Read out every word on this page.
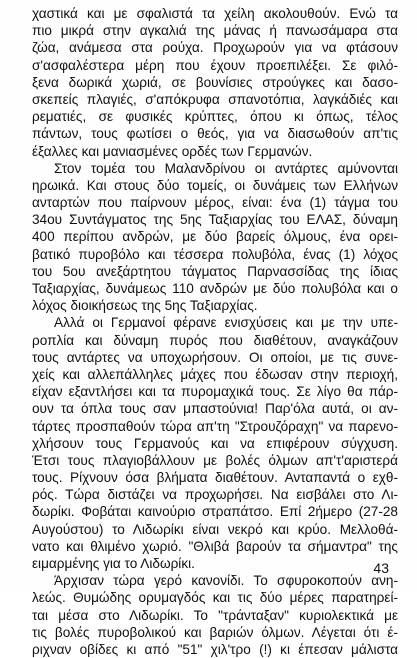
χαστικά και με σφαλιστά τα χείλη ακολουθούν. Ενώ τα
πιο μικρά στην αγκαλιά της μάνας ή πανωσάμαρα στα
ζώα, ανάμεσα στα ρούχα. Προχωρούν για να φτάσουν
σ'ασφαλέστερα μέρη που έχουν προεπιλέξει. Σε φιλό-
ξενα δωρικά χωριά, σε βουνίσιες στρούγκες και δασο-
σκεπείς πλαγιές, σ'απόκρυφα σπανοτόπια, λαγκάδιές και
ρεματιές, σε φυσικές κρύπτες, όπου κι όπως, τέλος
πάντων, τους φωτίσει ο θεός, για να διασωθούν απ'τις
έξαλλες και μανιασμένες ορδές των Γερμανών.
Στον τομέα του Μαλανδρίνου οι αντάρτες αμύνονται
ηρωικά. Και στους δύο τομείς, οι δυνάμεις των Ελλήνων
ανταρτών που παίρνουν μέρος, είναι: ένα (1) τάγμα του
34ου Συντάγματος της 5ης Ταξιαρχίας του ΕΛΑΣ, δύναμη
400 περίπου ανδρών, με δύο βαρείς όλμους, ένα ορει-
βατικό πυροβόλο και τέσσερα πολυβόλα, ένας (1) λόχος
του 5ου ανεξάρτητου τάγματος Παρνασσίδας της ίδιας
Ταξιαρχίας, δυνάμεως 110 ανδρών με δύο πολυβόλα και ο
λόχος διοικήσεως της 5ης Ταξιαρχίας.
Αλλά οι Γερμανοί φέρανε ενισχύσεις και με την υπε-
ροπλία και δύναμη πυρός που διαθέτουν, αναγκάζουν
τους αντάρτες να υποχωρήσουν. Οι οποίοι, με τις συνε-
χείς και αλλεπάλληλες μάχες που έδωσαν στην περιοχή,
είχαν εξαντλήσει και τα πυρομαχικά τους. Σε λίγο θα πάρ-
ουν τα όπλα τους σαν μπαστούνια! Παρ'όλα αυτά, οι αν-
τάρτες προσπαθούν τώρα απ'τη "Στρουζόραχη" να παρενο-
χλήσουν τους Γερμανούς και να επιφέρουν σύγχυση.
Έτσι τους πλαγιοβάλλουν με βολές όλμων απ'τ'αριστερά
τους. Ρίχνουν όσα βλήματα διαθέτουν. Ανταπαντά ο εχθ-
ρός. Τώρα διστάζει να προχωρήσει. Να εισβάλει στο Λι-
δωρίκι. Φοβάται καινούριο στραπάτσο. Επί 2ήμερο (27-28
Αυγούστου) το Λιδωρίκι είναι νεκρό και κρύο. Μελλοθά-
νατο και θλιμένο χωριό. "Θλιβά βαρούν τα σήμαντρα" της
ειμαρμένης για το Λιδωρίκι.
Άρχισαν τώρα γερό κανονίδι. Το σφυροκοπούν ανη-
λεώς. Θυμώδης ορυμαγδός και τις δύο μέρες παρατηρεί-
ται μέσα στο Λιδωρίκι. Το "τράνταξαν" κυριολεκτικά με
τις βολές πυροβολικού και βαριών όλμων. Λέγεται ότι έ-
ριχναν οβίδες κι από "51" χιλ'τρο (!) κι έπεσαν μάλιστα
43
